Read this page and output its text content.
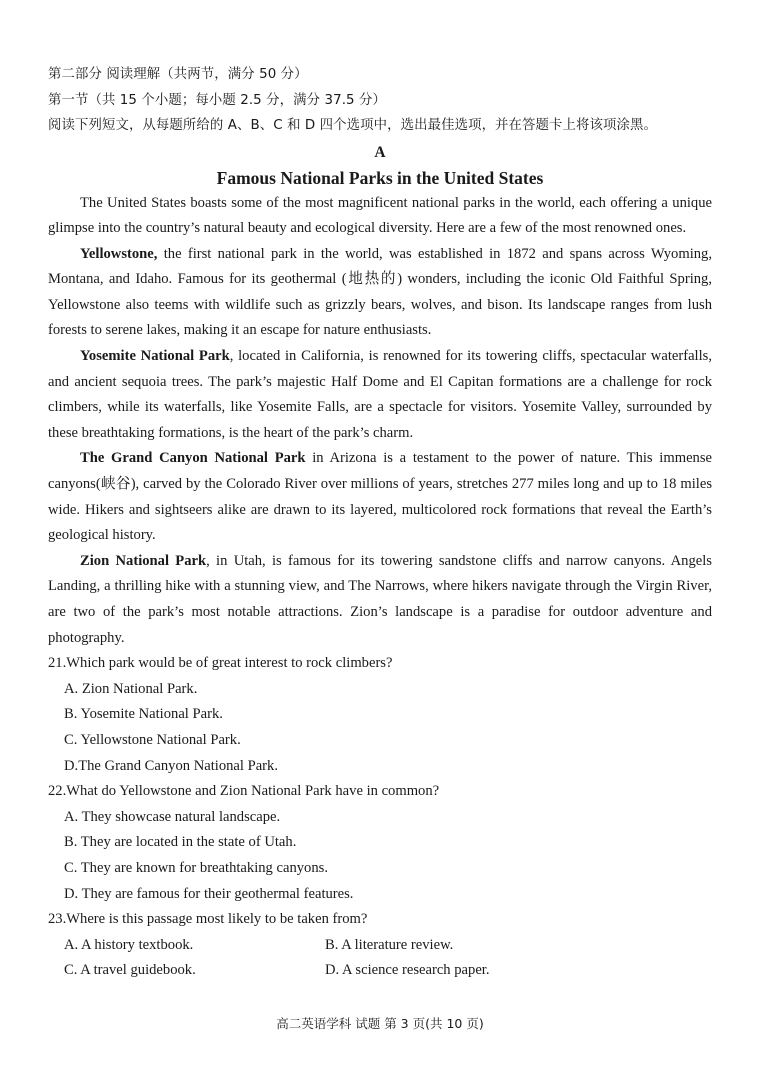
第二部分 阅读理解（共两节，满分 50 分）
第一节（共 15 个小题；每小题 2.5 分，满分 37.5 分）
阅读下列短文，从每题所给的 A、B、C 和 D 四个选项中，选出最佳选项，并在答题卡上将该项涂黑。
A
Famous National Parks in the United States

The United States boasts some of the most magnificent national parks in the world, each offering a unique glimpse into the country’s natural beauty and ecological diversity. Here are a few of the most renowned ones.

Yellowstone, the first national park in the world, was established in 1872 and spans across Wyoming, Montana, and Idaho. Famous for its geothermal (地热的) wonders, including the iconic Old Faithful Spring, Yellowstone also teems with wildlife such as grizzly bears, wolves, and bison. Its landscape ranges from lush forests to serene lakes, making it an escape for nature enthusiasts.

Yosemite National Park, located in California, is renowned for its towering cliffs, spectacular waterfalls, and ancient sequoia trees. The park’s majestic Half Dome and El Capitan formations are a challenge for rock climbers, while its waterfalls, like Yosemite Falls, are a spectacle for visitors. Yosemite Valley, surrounded by these breathtaking formations, is the heart of the park’s charm.

The Grand Canyon National Park in Arizona is a testament to the power of nature. This immense canyons(峡谷), carved by the Colorado River over millions of years, stretches 277 miles long and up to 18 miles wide. Hikers and sightseers alike are drawn to its layered, multicolored rock formations that reveal the Earth’s geological history.

Zion National Park, in Utah, is famous for its towering sandstone cliffs and narrow canyons. Angels Landing, a thrilling hike with a stunning view, and The Narrows, where hikers navigate through the Virgin River, are two of the park’s most notable attractions. Zion’s landscape is a paradise for outdoor adventure and photography.

21.Which park would be of great interest to rock climbers?

A. Zion National Park.

B. Yosemite National Park.

C. Yellowstone National Park.

D.The Grand Canyon National Park.

22.What do Yellowstone and Zion National Park have in common?

A. They showcase natural landscape.

B. They are located in the state of Utah.

C. They are known for breathtaking canyons.

D. They are famous for their geothermal features.

23.Where is this passage most likely to be taken from?

A. A history textbook.	B. A literature review.
C. A travel guidebook.	D. A science research paper.
高二英语学科 试题 第 3 页(共 10 页)
